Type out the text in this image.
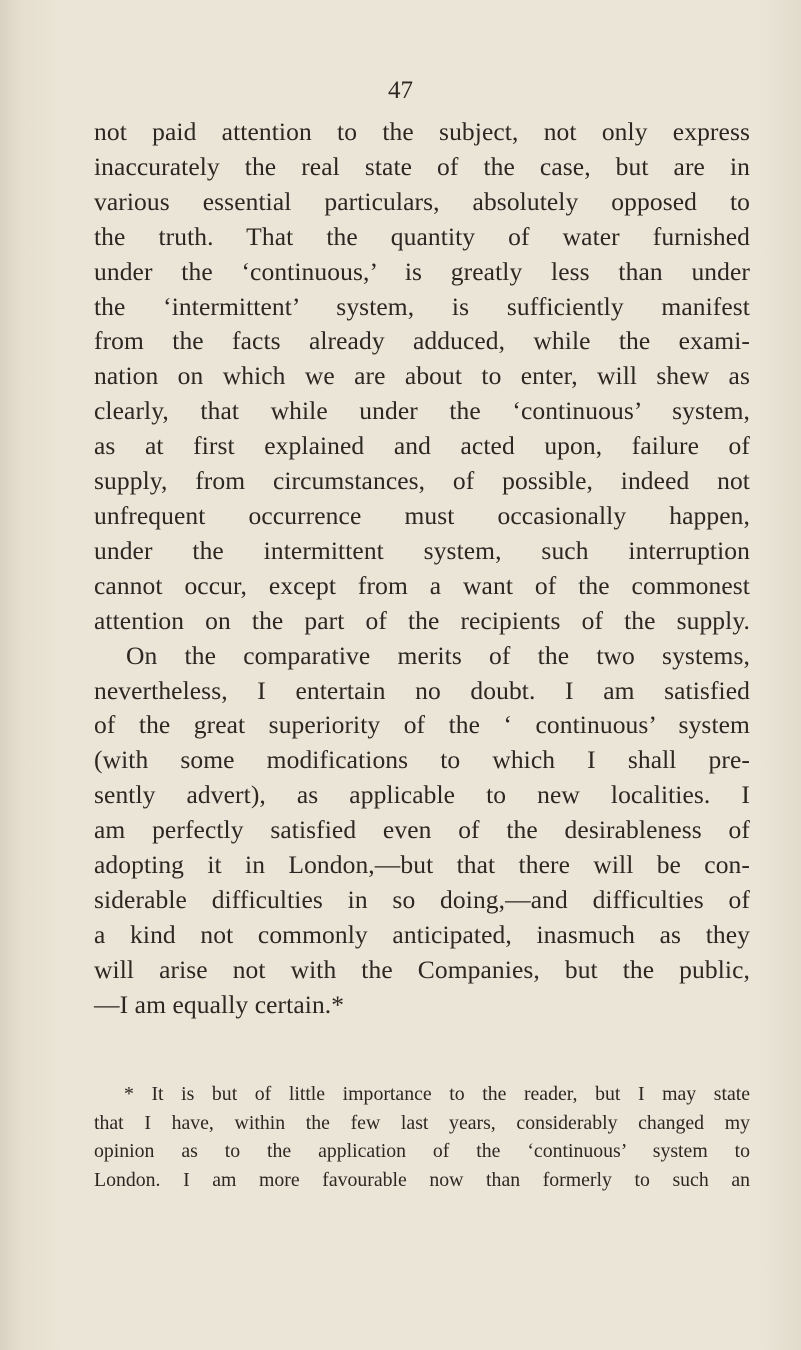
47
not paid attention to the subject, not only express
inaccurately the real state of the case, but are in
various essential particulars, absolutely opposed to
the truth. That the quantity of water furnished
under the ‘continuous,’ is greatly less than under
the ‘intermittent’ system, is sufficiently manifest
from the facts already adduced, while the exami-
nation on which we are about to enter, will shew as
clearly, that while under the ‘continuous’ system,
as at first explained and acted upon, failure of
supply, from circumstances, of possible, indeed not
unfrequent occurrence must occasionally happen,
under the intermittent system, such interruption
cannot occur, except from a want of the commonest
attention on the part of the recipients of the supply.
On the comparative merits of the two systems,
nevertheless, I entertain no doubt. I am satisfied
of the great superiority of the ‘ continuous’ system
(with some modifications to which I shall pre-
sently advert), as applicable to new localities. I
am perfectly satisfied even of the desirableness of
adopting it in London,—but that there will be con-
siderable difficulties in so doing,—and difficulties of
a kind not commonly anticipated, inasmuch as they
will arise not with the Companies, but the public,
—I am equally certain.*
* It is but of little importance to the reader, but I may state
that I have, within the few last years, considerably changed my
opinion as to the application of the ‘continuous’ system to
London. I am more favourable now than formerly to such an
